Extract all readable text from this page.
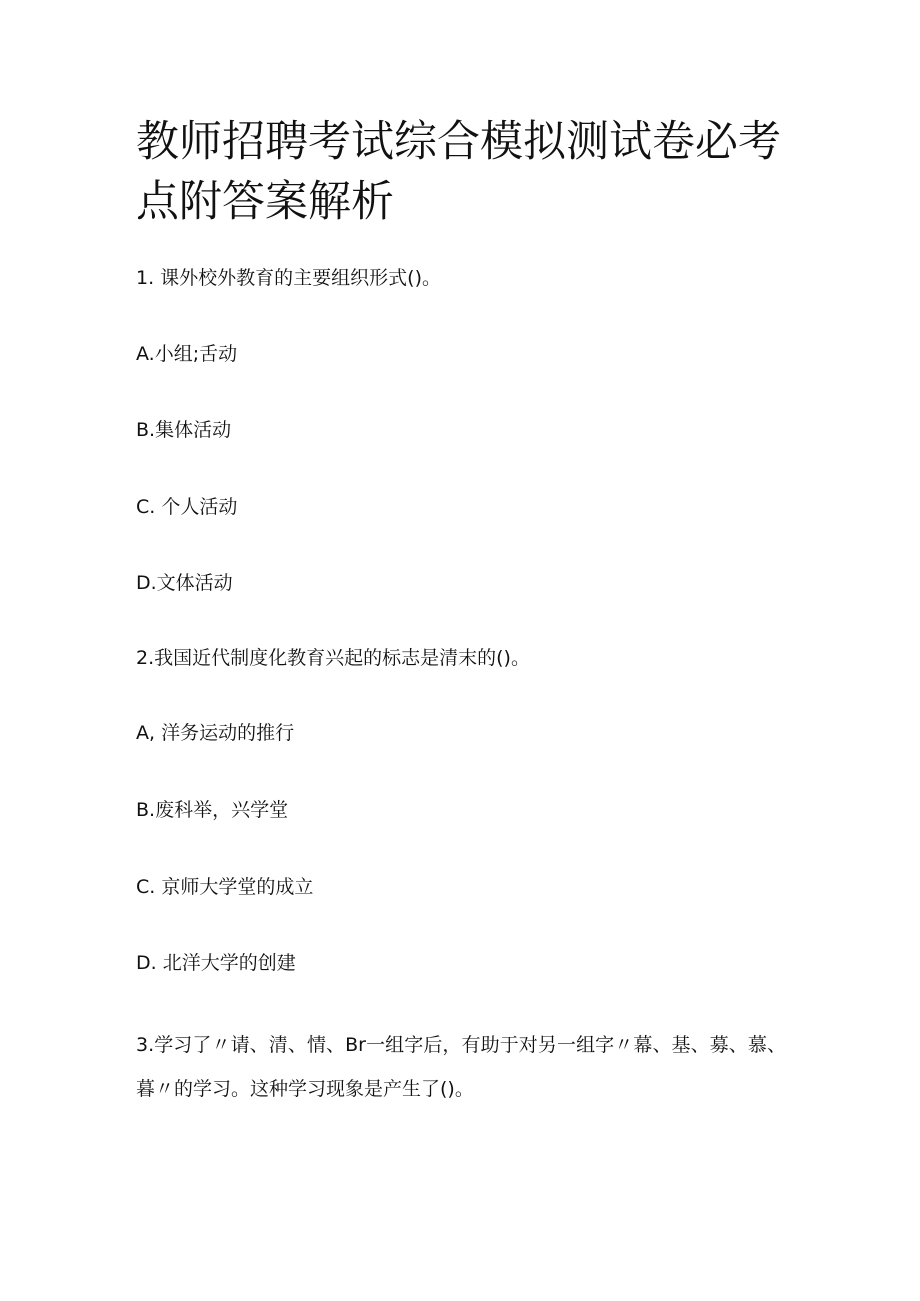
教师招聘考试综合模拟测试卷必考点附答案解析

1. 课外校外教育的主要组织形式()。

A.小组;舌动

B.集体活动

C. 个人活动

D.文体活动

2.我国近代制度化教育兴起的标志是清末的()。

A, 洋务运动的推行

B.废科举，兴学堂

C. 京师大学堂的成立

D. 北洋大学的创建

3.学习了〃请、清、情、Br一组字后，有助于对另一组字〃幕、基、募、慕、暮〃的学习。这种学习现象是产生了()。
